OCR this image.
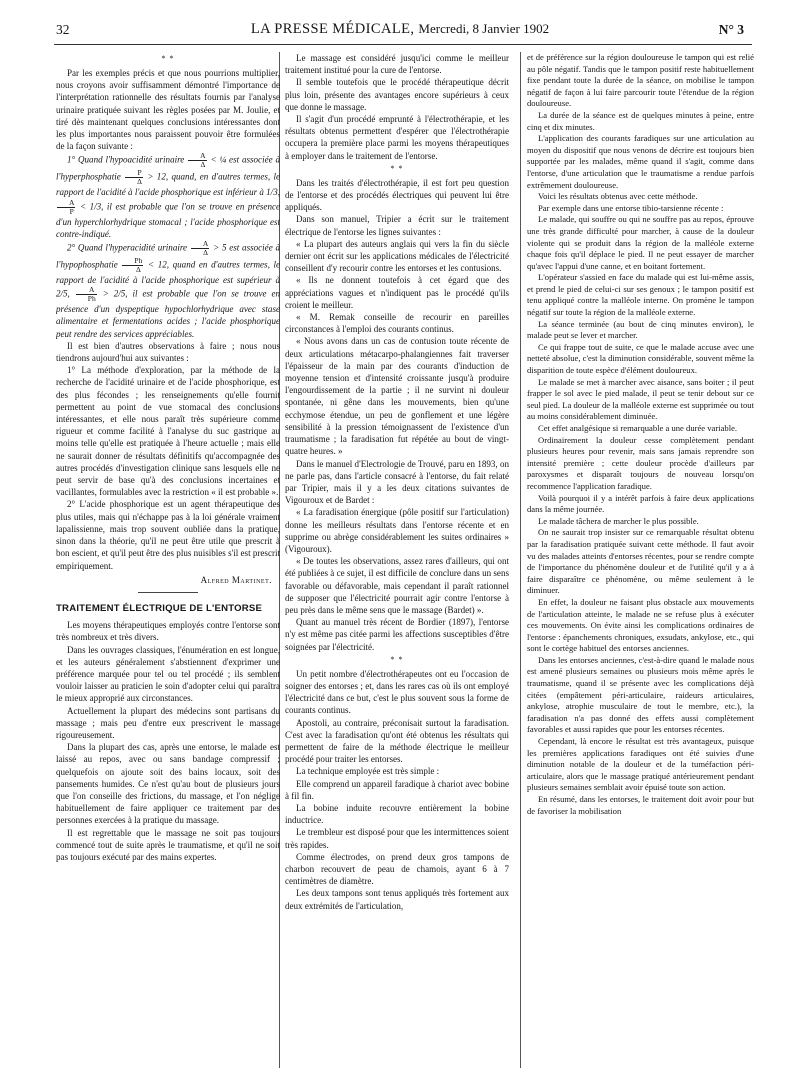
32	LA PRESSE MÉDICALE, Mercredi, 8 Janvier 1902	N° 3
* *

Par les exemples précis et que nous pourrions multiplier, nous croyons avoir suffisamment démontré l'importance de l'interprétation rationnelle des résultats fournis par l'analyse urinaire pratiquée suivant les règles posées par M. Joulie, et tiré dès maintenant quelques conclusions intéressantes dont les plus importantes nous paraissent pouvoir être formulées de la façon suivante :

1° Quand l'hypoacidité urinaire $\frac{A}{\Delta}$ < ¼ est associée à l'hyperphosphatie $\frac{P}{\Delta} > 12$, quand, en d'autres termes, le rapport de l'acidité à l'acide phosphorique est inférieur à 1/3,
$\frac{A}{P} < 1/3$, il est probable que l'on se trouve en présence d'un hyperchlorhydrique stomacal ; l'acide phosphorique est contre-indiqué.

2° Quand l'hyperacidité urinaire $\frac{A}{\Delta} > 5$ est associée à l'hypophosphatie $\frac{Ph}{\Delta} < 12$, quand en d'autres termes, le rapport de l'acidité à l'acide phosphorique est supérieur à 2/5, $\frac{A}{Ph} > 2/5$, il est probable que l'on se trouve en présence d'un dyspeptique hypochlorhydrique avec stase alimentaire et fermentations acides ; l'acide phosphorique peut rendre des services appréciables.

Il est bien d'autres observations à faire ; nous nous tiendrons aujourd'hui aux suivantes :

1° La méthode d'exploration, par la méthode de la recherche de l'acidité urinaire et de l'acide phosphorique, est des plus fécondes ; les renseignements qu'elle fournit permettent au point de vue stomacal des conclusions intéressantes, et elle nous paraît très supérieure comme rigueur et comme facilité à l'analyse du suc gastrique au moins telle qu'elle est pratiquée à l'heure actuelle ; mais elle ne saurait donner de résultats définitifs qu'accompagnée des autres procédés d'investigation clinique sans lesquels elle ne peut servir de base qu'à des conclusions incertaines et vacillantes, formulables avec la restriction « il est probable ».

2° L'acide phosphorique est un agent thérapeutique des plus utiles, mais qui n'échappe pas à la loi générale vraiment lapalissienne, mais trop souvent oubliée dans la pratique, sinon dans la théorie, qu'il ne peut être utile que prescrit à bon escient, et qu'il peut être des plus nuisibles s'il est prescrit empiriquement.

Alfred Martinet.
TRAITEMENT ÉLECTRIQUE DE L'ENTORSE

Les moyens thérapeutiques employés contre l'entorse sont très nombreux et très divers.

Dans les ouvrages classiques, l'énumération en est longue, et les auteurs généralement s'abstiennent d'exprimer une préférence marquée pour tel ou tel procédé ; ils semblent vouloir laisser au praticien le soin d'adopter celui qui paraîtra le mieux approprié aux circonstances.

Actuellement la plupart des médecins sont partisans du massage ; mais peu d'entre eux prescrivent le massage rigoureusement.

Dans la plupart des cas, après une entorse, le malade est laissé au repos, avec ou sans bandage compressif ; quelquefois on ajoute soit des bains locaux, soit des pansements humides. Ce n'est qu'au bout de plusieurs jours que l'on conseille des frictions, du massage, et l'on néglige habituellement de faire appliquer ce traitement par des personnes exercées à la pratique du massage.

Il est regrettable que le massage ne soit pas toujours commencé tout de suite après le traumatisme, et qu'il ne soit pas toujours exécuté par des mains expertes.

Le massage est considéré jusqu'ici comme le meilleur traitement institué pour la cure de l'entorse.

Il semble toutefois que le procédé thérapeutique décrit plus loin, présente des avantages encore supérieurs à ceux que donne le massage.

Il s'agit d'un procédé emprunté à l'électrothérapie, et les résultats obtenus permettent d'espérer que l'électrothérapie occupera la première place parmi les moyens thérapeutiques à employer dans le traitement de l'entorse.

* *

Dans les traités d'électrothérapie, il est fort peu question de l'entorse et des procédés électriques qui peuvent lui être appliqués.

Dans son manuel, Tripier a écrit sur le traitement électrique de l'entorse les lignes suivantes :

« La plupart des auteurs anglais qui vers la fin du siècle dernier ont écrit sur les applications médicales de l'électricité conseillent d'y recourir contre les entorses et les contusions.

« Ils ne donnent toutefois à cet égard que des appréciations vagues et n'indiquent pas le procédé qu'ils croient le meilleur.

« M. Remak conseille de recourir en pareilles circonstances à l'emploi des courants continus.

« Nous avons dans un cas de contusion toute récente de deux articulations métacarpo-phalangiennes fait traverser l'épaisseur de la main par des courants d'induction de moyenne tension et d'intensité croissante jusqu'à produire l'engourdissement de la partie ; il ne survint ni douleur spontanée, ni gêne dans les mouvements, bien qu'une ecchymose étendue, un peu de gonflement et une légère sensibilité à la pression témoignassent de l'existence d'un traumatisme ; la faradisation fut répétée au bout de vingt-quatre heures. »

Dans le manuel d'Electrologie de Trouvé, paru en 1893, on ne parle pas, dans l'article consacré à l'entorse, du fait relaté par Tripier, mais il y a les deux citations suivantes de Vigouroux et de Bardet :

« La faradisation énergique (pôle positif sur l'articulation) donne les meilleurs résultats dans l'entorse récente et en supprime ou abrège considérablement les suites ordinaires » (Vigouroux).

« De toutes les observations, assez rares d'ailleurs, qui ont été publiées à ce sujet, il est difficile de conclure dans un sens favorable ou défavorable, mais cependant il paraît rationnel de supposer que l'électricité pourrait agir contre l'entorse à peu près dans le même sens que le massage (Bardet) ».

Quant au manuel très récent de Bordier (1897), l'entorse n'y est même pas citée parmi les affections susceptibles d'être soignées par l'électricité.

* *

Un petit nombre d'électrothérapeutes ont eu l'occasion de soigner des entorses ; et, dans les rares cas où ils ont employé l'électricité dans ce but, c'est le plus souvent sous la forme de courants continus.

Apostoli, au contraire, préconisait surtout la faradisation. C'est avec la faradisation qu'ont été obtenus les résultats qui permettent de faire de la méthode électrique le meilleur procédé pour traiter les entorses.

La technique employée est très simple :

Elle comprend un appareil faradique à chariot avec bobine à fil fin.

La bobine induite recouvre entièrement la bobine inductrice.

Le trembleur est disposé pour que les intermittences soient très rapides.

Comme électrodes, on prend deux gros tampons de charbon recouvert de peau de chamois, ayant 6 à 7 centimètres de diamètre.

Les deux tampons sont tenus appliqués très fortement aux deux extrémités de l'articulation,

et de préférence sur la région douloureuse le tampon qui est relié au pôle négatif. Tandis que le tampon positif reste habituellement fixe pendant toute la durée de la séance, on mobilise le tampon négatif de façon à lui faire parcourir toute l'étendue de la région douloureuse.

La durée de la séance est de quelques minutes à peine, entre cinq et dix minutes.

L'application des courants faradiques sur une articulation au moyen du dispositif que nous venons de décrire est toujours bien supportée par les malades, même quand il s'agit, comme dans l'entorse, d'une articulation que le traumatisme a rendue parfois extrêmement douloureuse.

Voici les résultats obtenus avec cette méthode.

Par exemple dans une entorse tibio-tarsienne récente :

Le malade, qui souffre ou qui ne souffre pas au repos, éprouve une très grande difficulté pour marcher, à cause de la douleur violente qui se produit dans la région de la malléole externe chaque fois qu'il déplace le pied. Il ne peut essayer de marcher qu'avec l'appui d'une canne, et en boitant fortement.

L'opérateur s'assied en face du malade qui est lui-même assis, et prend le pied de celui-ci sur ses genoux ; le tampon positif est tenu appliqué contre la malléole interne. On promène le tampon négatif sur toute la région de la malléole externe.

La séance terminée (au bout de cinq minutes environ), le malade peut se lever et marcher.

Ce qui frappe tout de suite, ce que le malade accuse avec une netteté absolue, c'est la diminution considérable, souvent même la disparition de toute espèce d'élément douloureux.

Le malade se met à marcher avec aisance, sans boiter ; il peut frapper le sol avec le pied malade, il peut se tenir debout sur ce seul pied. La douleur de la malléole externe est supprimée ou tout au moins considérablement diminuée.

Cet effet analgésique si remarquable a une durée variable.

Ordinairement la douleur cesse complètement pendant plusieurs heures pour revenir, mais sans jamais reprendre son intensité première ; cette douleur procède d'ailleurs par paroxysmes et disparaît toujours de nouveau lorsqu'on recommence l'application faradique.

Voilà pourquoi il y a intérêt parfois à faire deux applications dans la même journée.

Le malade tâchera de marcher le plus possible.

On ne saurait trop insister sur ce remarquable résultat obtenu par la faradisation pratiquée suivant cette méthode. Il faut avoir vu des malades atteints d'entorses récentes, pour se rendre compte de l'importance du phénomène douleur et de l'utilité qu'il y a à faire disparaître ce phénomène, ou même seulement à le diminuer.

En effet, la douleur ne faisant plus obstacle aux mouvements de l'articulation atteinte, le malade ne se refuse plus à exécuter ces mouvements. On évite ainsi les complications ordinaires de l'entorse : épanchements chroniques, exsudats, ankylose, etc., qui sont le cortège habituel des entorses anciennes.

Dans les entorses anciennes, c'est-à-dire quand le malade nous est amené plusieurs semaines ou plusieurs mois même après le traumatisme, quand il se présente avec les complications déjà citées (empâtement péri-articulaire, raideurs articulaires, ankylose, atrophie musculaire de tout le membre, etc.), la faradisation n'a pas donné des effets aussi complètement favorables et aussi rapides que pour les entorses récentes.

Cependant, là encore le résultat est très avantageux, puisque les premières applications faradiques ont été suivies d'une diminution notable de la douleur et de la tuméfaction péri-articulaire, alors que le massage pratiqué antérieurement pendant plusieurs semaines semblait avoir épuisé toute son action.

En résumé, dans les entorses, le traitement doit avoir pour but de favoriser la mobilisation
